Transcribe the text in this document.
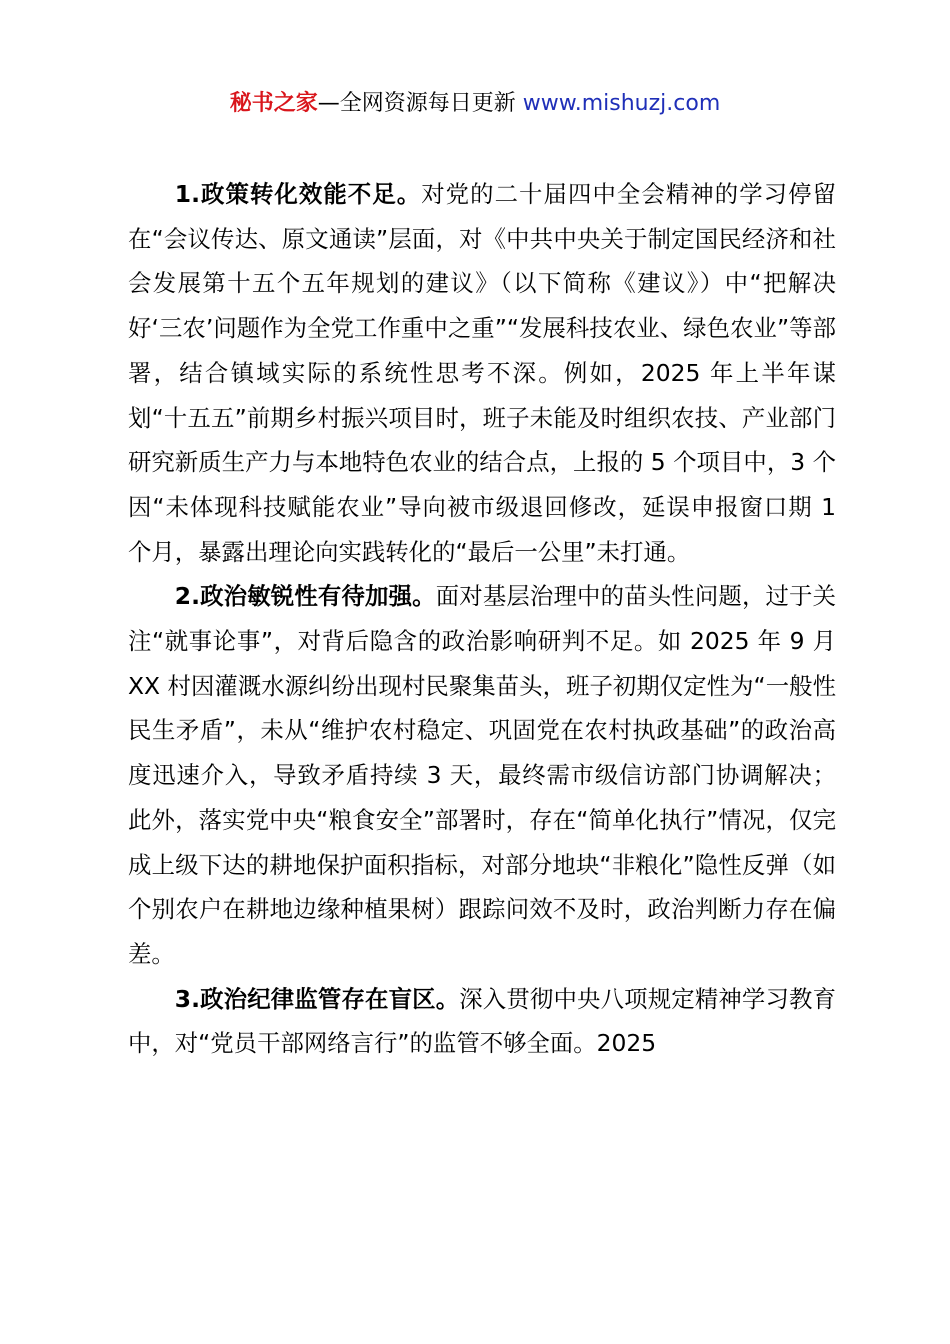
秘书之家—全网资源每日更新 www.mishuzj.com

1.政策转化效能不足。对党的二十届四中全会精神的学习停留在“会议传达、原文通读”层面，对《中共中央关于制定国民经济和社会发展第十五个五年规划的建议》（以下简称《建议》）中“把解决好‘三农’问题作为全党工作重中之重”“发展科技农业、绿色农业”等部署，结合镇域实际的系统性思考不深。例如，2025 年上半年谋划“十五五”前期乡村振兴项目时，班子未能及时组织农技、产业部门研究新质生产力与本地特色农业的结合点，上报的 5 个项目中，3 个因“未体现科技赋能农业”导向被市级退回修改，延误申报窗口期 1 个月，暴露出理论向实践转化的“最后一公里”未打通。

2.政治敏锐性有待加强。面对基层治理中的苗头性问题，过于关注“就事论事”，对背后隐含的政治影响研判不足。如 2025 年 9 月 XX 村因灌溉水源纠纷出现村民聚集苗头，班子初期仅定性为“一般性民生矛盾”，未从“维护农村稳定、巩固党在农村执政基础”的政治高度迅速介入，导致矛盾持续 3 天，最终需市级信访部门协调解决；此外，落实党中央“粮食安全”部署时，存在“简单化执行”情况，仅完成上级下达的耕地保护面积指标，对部分地块“非粮化”隐性反弹（如个别农户在耕地边缘种植果树）跟踪问效不及时，政治判断力存在偏差。

3.政治纪律监管存在盲区。深入贯彻中央八项规定精神学习教育中，对“党员干部网络言行”的监管不够全面。2025
